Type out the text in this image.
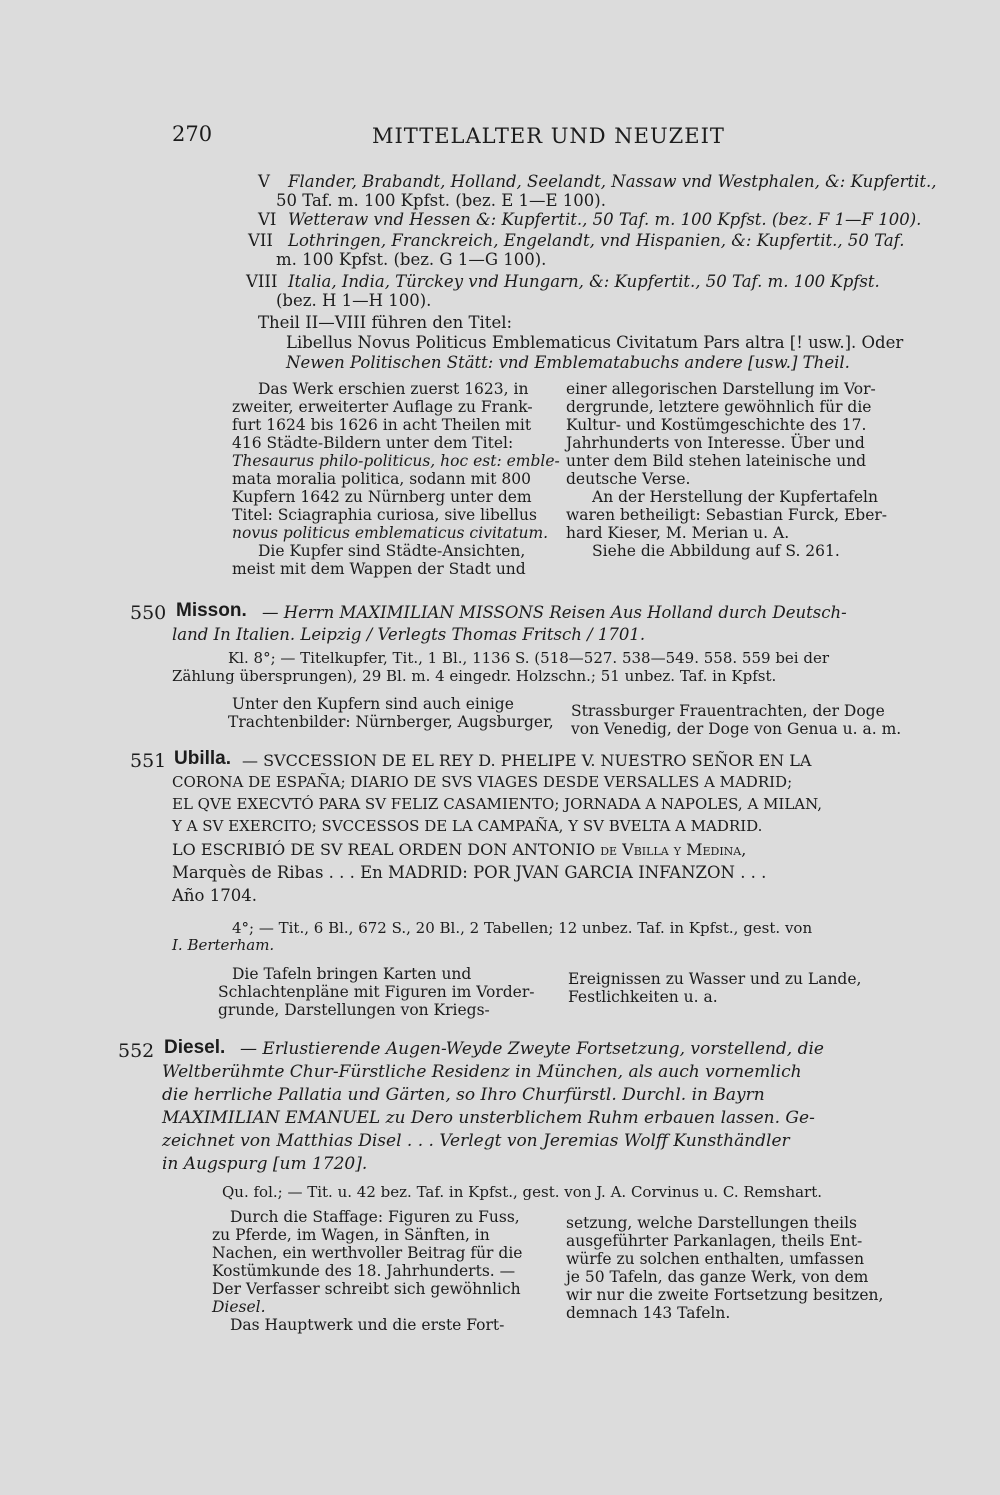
270	MITTELALTER UND NEUZEIT
V Flander, Brabandt, Holland, Seelandt, Nassaw vnd Westphalen, &: Kupfertit.,
50 Taf. m. 100 Kpfst. (bez. E 1—E 100).
VI Wetteraw vnd Hessen &: Kupfertit., 50 Taf. m. 100 Kpfst. (bez. F 1—F 100).
VII Lothringen, Franckreich, Engelandt, vnd Hispanien, &: Kupfertit., 50 Taf.
m. 100 Kpfst. (bez. G 1—G 100).
VIII Italia, India, Türckey vnd Hungarn, &: Kupfertit., 50 Taf. m. 100 Kpfst.
(bez. H 1—H 100).
Theil II—VIII führen den Titel:
Libellus Novus Politicus Emblematicus Civitatum Pars altra [! usw.]. Oder
Newen Politischen Stätt: vnd Emblematabuchs andere [usw.] Theil.
Das Werk erschien zuerst 1623, in
zweiter, erweiterter Auflage zu Frank-
furt 1624 bis 1626 in acht Theilen mit
416 Städte-Bildern unter dem Titel:
Thesaurus philo-politicus, hoc est: emble-
mata moralia politica, sodann mit 800
Kupfern 1642 zu Nürnberg unter dem
Titel: Sciagraphia curiosa, sive libellus
novus politicus emblematicus civitatum.
Die Kupfer sind Städte-Ansichten,
meist mit dem Wappen der Stadt und
einer allegorischen Darstellung im Vor-
dergrunde, letztere gewöhnlich für die
Kultur- und Kostümgeschichte des 17.
Jahrhunderts von Interesse. Über und
unter dem Bild stehen lateinische und
deutsche Verse.
An der Herstellung der Kupfertafeln
waren betheiligt: Sebastian Furck, Eber-
hard Kieser, M. Merian u. A.
Siehe die Abbildung auf S. 261.
550 Misson. — Herrn MAXIMILIAN MISSONS Reisen Aus Holland durch Deutsch-
land In Italien. Leipzig / Verlegts Thomas Fritsch / 1701.
Kl. 8°; — Titelkupfer, Tit., 1 Bl., 1136 S. (518—527. 538—549. 558. 559 bei der
Zählung übersprungen), 29 Bl. m. 4 eingedr. Holzschn.; 51 unbez. Taf. in Kpfst.
Unter den Kupfern sind auch einige
Trachtenbilder: Nürnberger, Augsburger,
Strassburger Frauentrachten, der Doge
von Venedig, der Doge von Genua u. a. m.
551 Ubilla. — SVCCESSION DE EL REY D. PHELIPE V. NUESTRO SEÑOR EN LA
CORONA DE ESPAÑA; DIARIO DE SVS VIAGES DESDE VERSALLES A MADRID;
EL QVE EXECVTÓ PARA SV FELIZ CASAMIENTO; JORNADA A NAPOLES, A MILAN,
Y A SV EXERCITO; SVCCESSOS DE LA CAMPAÑA, Y SV BVELTA A MADRID.
LO ESCRIBIÓ DE SV REAL ORDEN DON ANTONIO de Vbilla y Medina,
Marquès de Ribas . . . En MADRID: POR JVAN GARCIA INFANZON . . .
Año 1704.
4°; — Tit., 6 Bl., 672 S., 20 Bl., 2 Tabellen; 12 unbez. Taf. in Kpfst., gest. von
I. Berterham.
Die Tafeln bringen Karten und
Schlachtenpläne mit Figuren im Vorder-
grunde, Darstellungen von Kriegs-
Ereignissen zu Wasser und zu Lande,
Festlichkeiten u. a.
552 Diesel. — Erlustierende Augen-Weyde Zweyte Fortsetzung, vorstellend, die
Weltberühmte Chur-Fürstliche Residenz in München, als auch vornemlich
die herrliche Pallatia und Gärten, so Ihro Churfürstl. Durchl. in Bayrn
MAXIMILIAN EMANUEL zu Dero unsterblichem Ruhm erbauen lassen. Ge-
zeichnet von Matthias Disel . . . Verlegt von Jeremias Wolff Kunsthändler
in Augspurg [um 1720].
Qu. fol.; — Tit. u. 42 bez. Taf. in Kpfst., gest. von J. A. Corvinus u. C. Remshart.
Durch die Staffage: Figuren zu Fuss,
zu Pferde, im Wagen, in Sänften, in
Nachen, ein werthvoller Beitrag für die
Kostümkunde des 18. Jahrhunderts. —
Der Verfasser schreibt sich gewöhnlich
Diesel.
Das Hauptwerk und die erste Fort-
setzung, welche Darstellungen theils
ausgeführter Parkanlagen, theils Ent-
würfe zu solchen enthalten, umfassen
je 50 Tafeln, das ganze Werk, von dem
wir nur die zweite Fortsetzung besitzen,
demnach 143 Tafeln.
